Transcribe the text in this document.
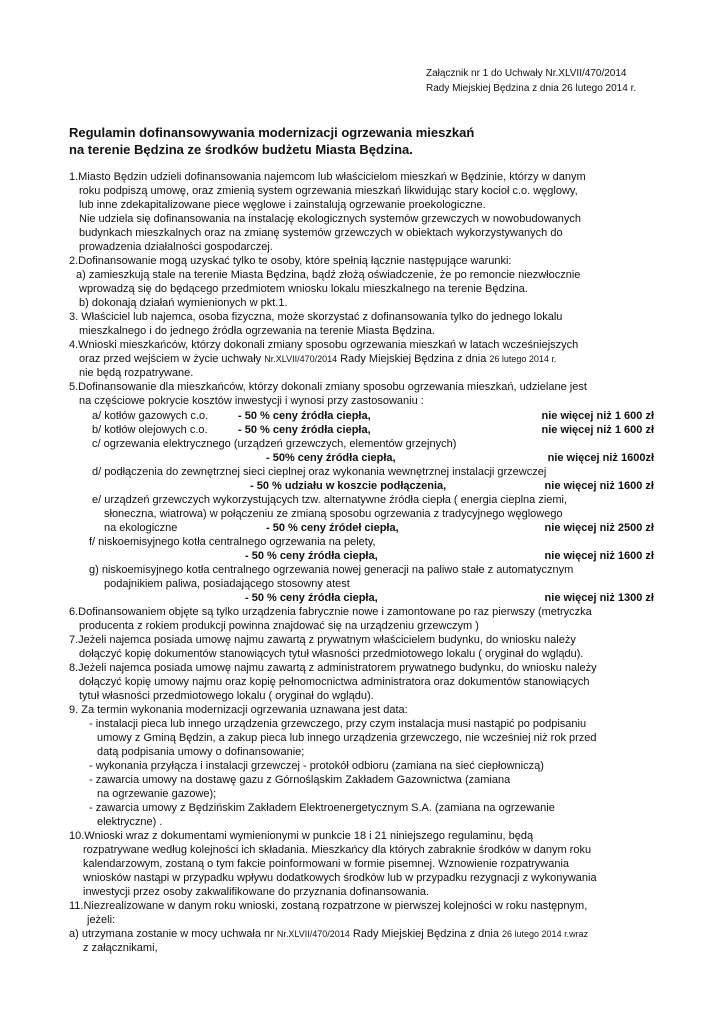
Załącznik nr 1 do Uchwały Nr.XLVII/470/2014
Rady Miejskiej Będzina z dnia 26 lutego 2014 r.
Regulamin dofinansowywania modernizacji ogrzewania mieszkań
na terenie Będzina ze środków budżetu Miasta Będzina.
1.Miasto Będzin udzieli dofinansowania najemcom lub właścicielom mieszkań w Będzinie, którzy w danym
roku podpiszą umowę, oraz zmienią system ogrzewania mieszkań likwidując stary kocioł c.o. węglowy,
lub inne zdekapitalizowane piece węglowe i zainstalują ogrzewanie proekologiczne.
Nie udziela się dofinansowania na instalację ekologicznych systemów grzewczych w nowobudowanych
budynkach mieszkalnych oraz na zmianę systemów grzewczych w obiektach wykorzystywanych do
prowadzenia działalności gospodarczej.
2.Dofinansowanie mogą uzyskać tylko te osoby, które spełnią łącznie następujące warunki:
a) zamieszkują stale na terenie Miasta Będzina, bądź złożą oświadczenie, że po remoncie niezwłocznie
wprowadzą się do będącego przedmiotem wniosku lokalu mieszkalnego na terenie Będzina.
b) dokonają działań wymienionych w pkt.1.
3. Właściciel lub najemca, osoba fizyczna, może skorzystać z dofinansowania tylko do jednego lokalu
mieszkalnego i do jednego źródła ogrzewania na terenie Miasta Będzina.
4.Wnioski mieszkańców, którzy dokonali zmiany sposobu ogrzewania mieszkań w latach wcześniejszych
oraz przed wejściem w życie uchwały Nr.XLVII/470/2014 Rady Miejskiej Będzina z dnia 26 lutego 2014 r.
nie będą rozpatrywane.
5.Dofinansowanie dla mieszkańców, którzy dokonali zmiany sposobu ogrzewania mieszkań, udzielane jest
na częściowe pokrycie kosztów inwestycji i wynosi przy zastosowaniu :
a/ kotłów gazowych c.o.	- 50 % ceny źródła ciepła,	nie więcej niż 1 600 zł
b/ kotłów olejowych c.o.	- 50 % ceny źródła ciepła,	nie więcej niż 1 600 zł
c/ ogrzewania elektrycznego (urządzeń grzewczych, elementów grzejnych)
- 50% ceny źródła ciepła,	nie więcej niż 1600zł
d/ podłączenia do zewnętrznej sieci cieplnej oraz wykonania wewnętrznej instalacji grzewczej
- 50 % udziału w koszcie podłączenia,	nie więcej niż 1600 zł
e/ urządzeń grzewczych wykorzystujących tzw. alternatywne źródła ciepła ( energia cieplna ziemi,
słoneczna, wiatrowa) w połączeniu ze zmianą sposobu ogrzewania z tradycyjnego węglowego
na ekologiczne	- 50 % ceny źródeł ciepła,	nie więcej niż 2500 zł
f/ niskoemisyjnego kotła centralnego ogrzewania na pelety,
- 50 % ceny źródła ciepła,	nie więcej niż 1600 zł
g) niskoemisyjnego kotła centralnego ogrzewania nowej generacji na paliwo stałe z automatycznym
podajnikiem paliwa, posiadającego stosowny atest
- 50 % ceny źródła ciepła,	nie więcej niż 1300 zł
6.Dofinansowaniem objęte są tylko urządzenia fabrycznie nowe i zamontowane po raz pierwszy (metryczka
producenta z rokiem produkcji powinna znajdować się na urządzeniu grzewczym )
7.Jeżeli najemca posiada umowę najmu zawartą z prywatnym właścicielem budynku, do wniosku należy
dołączyć kopię dokumentów stanowiących tytuł własności przedmiotowego lokalu ( oryginał do wglądu).
8.Jeżeli najemca posiada umowę najmu zawartą z administratorem prywatnego budynku, do wniosku należy
dołączyć kopię umowy najmu oraz kopię pełnomocnictwa administratora oraz dokumentów stanowiących
tytuł własności przedmiotowego lokalu ( oryginał do wglądu).
9. Za termin wykonania modernizacji ogrzewania uznawana jest data:
- instalacji pieca lub innego urządzenia grzewczego, przy czym instalacja musi nastąpić po podpisaniu
umowy z Gminą Będzin, a zakup pieca lub innego urządzenia grzewczego, nie wcześniej niż rok przed
datą podpisania umowy o dofinansowanie;
- wykonania przyłącza i instalacji grzewczej - protokół odbioru (zamiana na sieć ciepłowniczą)
- zawarcia umowy na dostawę gazu z Górnośląskim Zakładem Gazownictwa (zamiana
na ogrzewanie gazowe);
- zawarcia umowy z Będzińskim Zakładem Elektroenergetycznym S.A. (zamiana na ogrzewanie
elektryczne) .
10.Wnioski wraz z dokumentami wymienionymi w punkcie 18 i 21 niniejszego regulaminu, będą
rozpatrywane według kolejności ich składania. Mieszkańcy dla których zabraknie środków w danym roku
kalendarzowym, zostaną o tym fakcie poinformowani w formie pisemnej. Wznowienie rozpatrywania
wniosków nastąpi w przypadku wpływu dodatkowych środków lub w przypadku rezygnacji z wykonywania
inwestycji przez osoby zakwalifikowane do przyznania dofinansowania.
11.Niezrealizowane w danym roku wnioski, zostaną rozpatrzone w pierwszej kolejności w roku następnym,
jeżeli:
a) utrzymana zostanie w mocy uchwała nr Nr.XLVII/470/2014 Rady Miejskiej Będzina z dnia 26 lutego 2014 r.wraz
z załącznikami,
